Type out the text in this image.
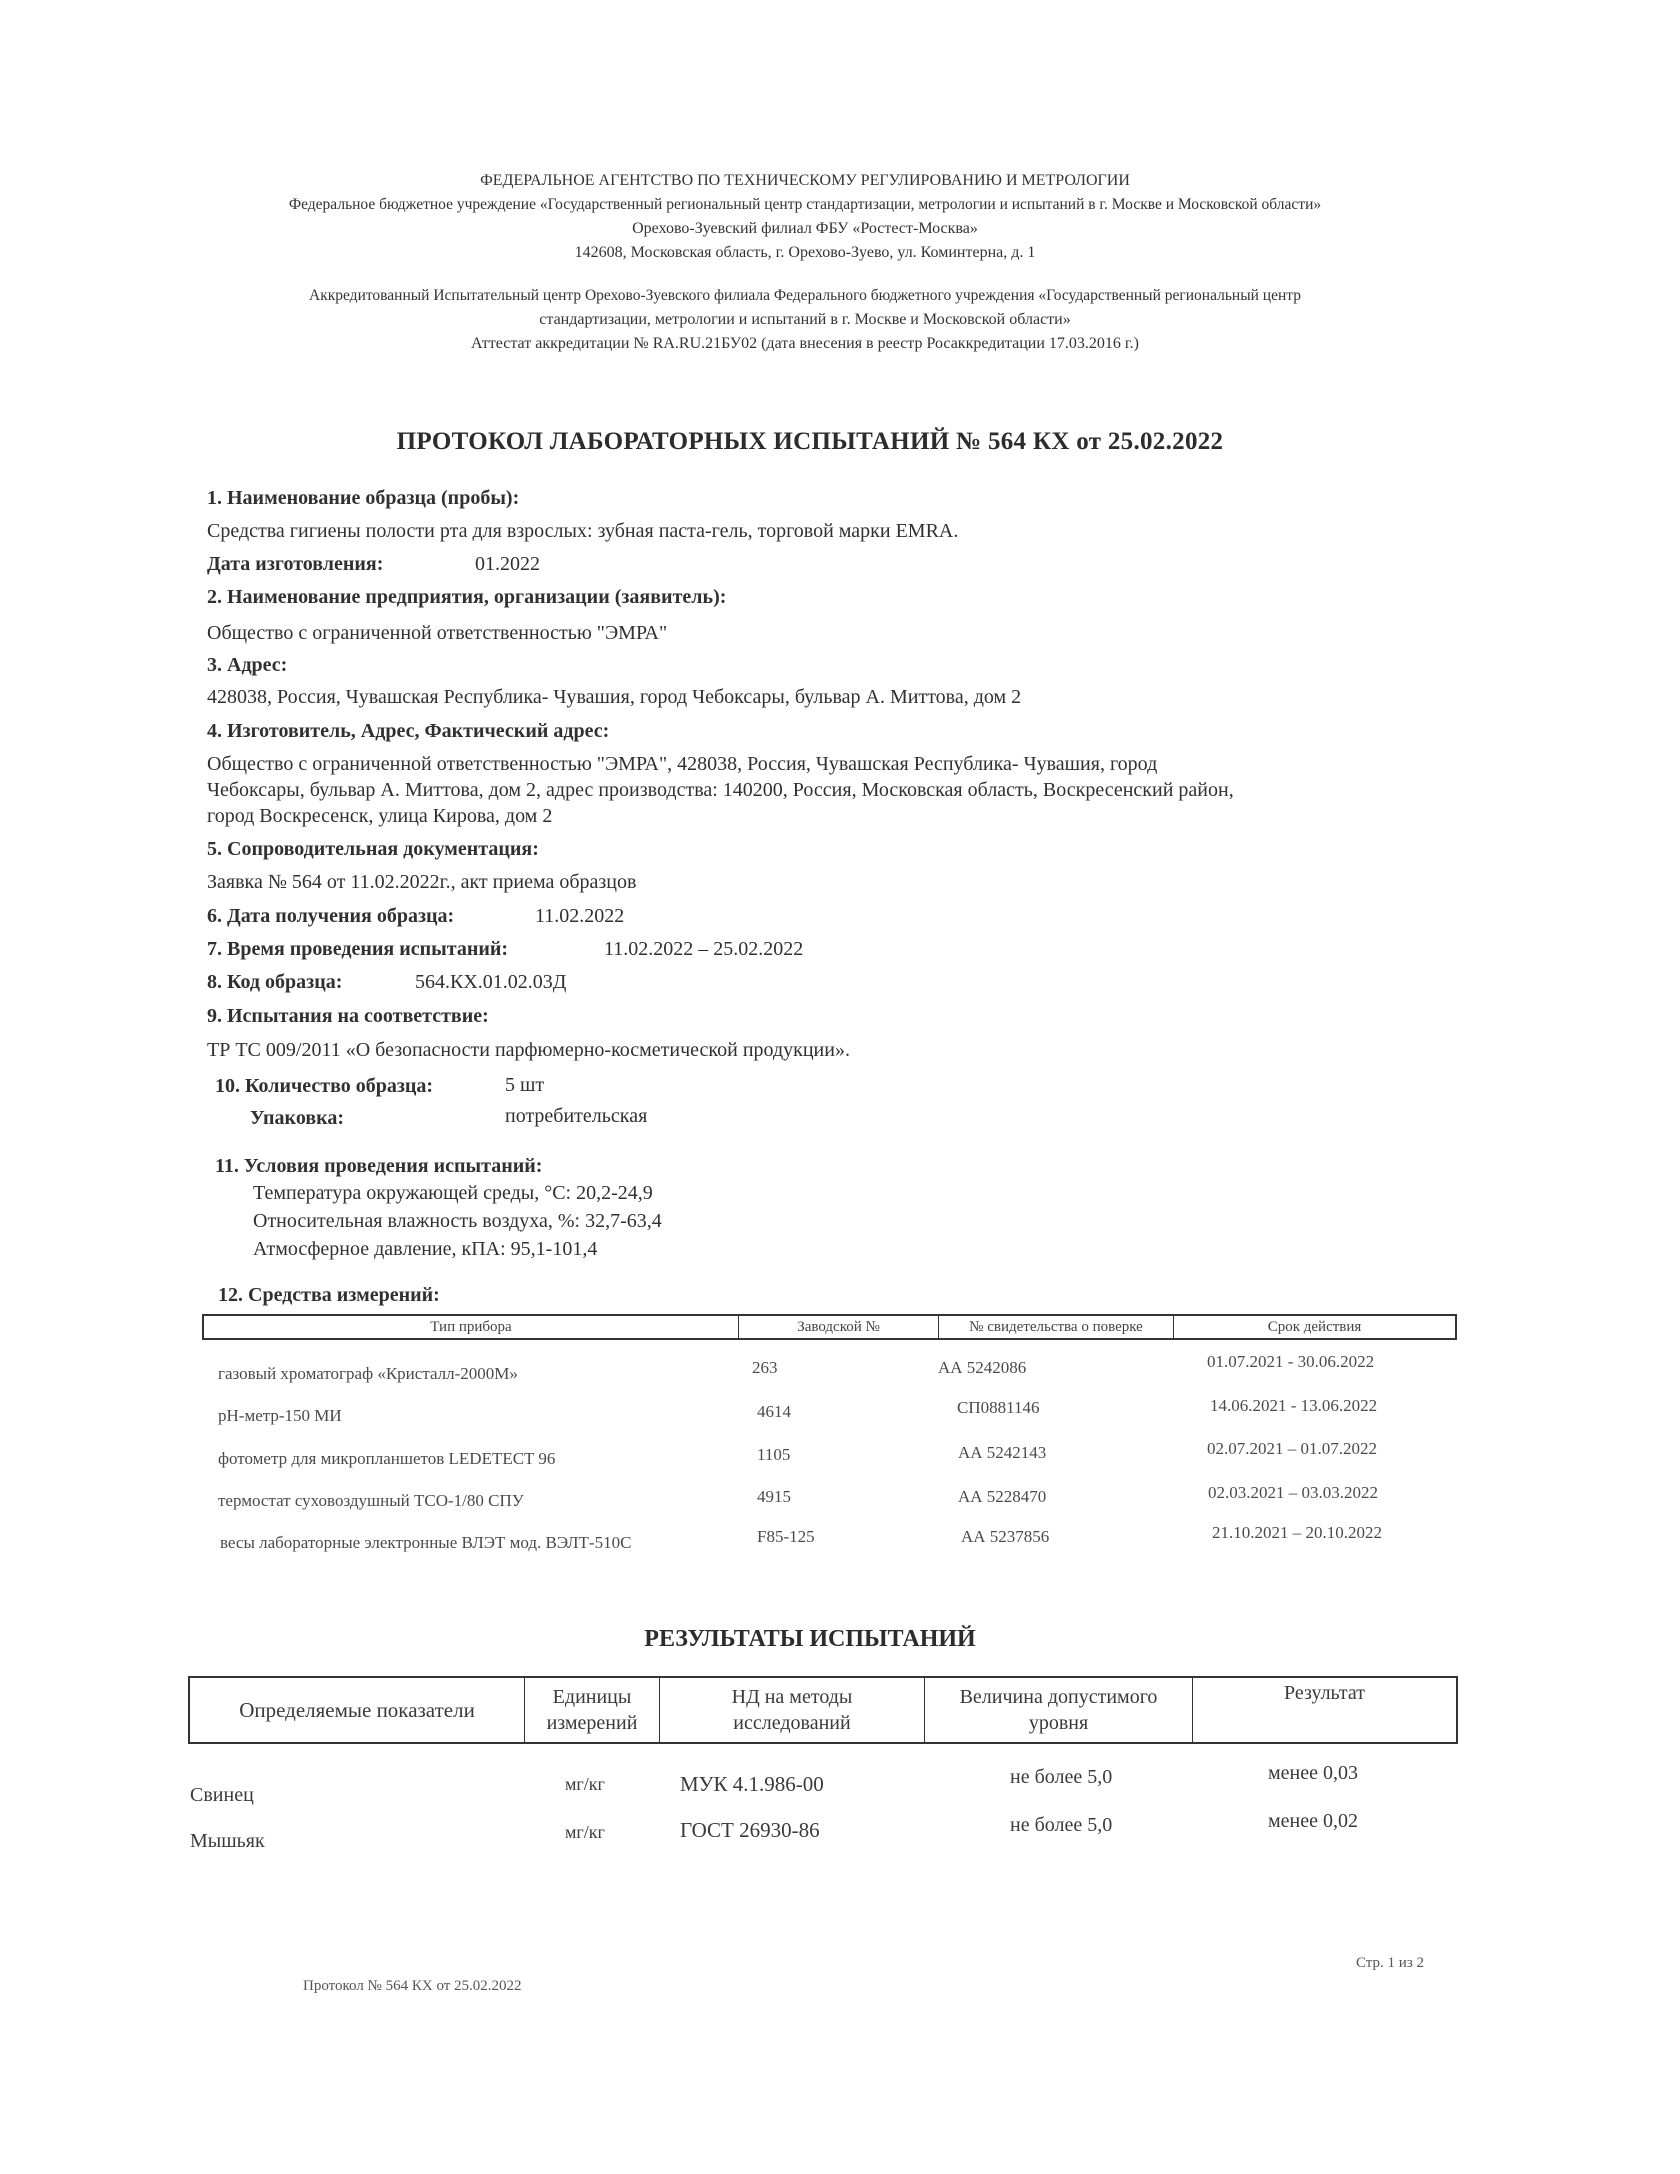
ФЕДЕРАЛЬНОЕ АГЕНТСТВО ПО ТЕХНИЧЕСКОМУ РЕГУЛИРОВАНИЮ И МЕТРОЛОГИИ
Федеральное бюджетное учреждение «Государственный региональный центр стандартизации, метрологии и испытаний в г. Москве и Московской области»
Орехово-Зуевский филиал ФБУ «Ростест-Москва»
142608, Московская область, г. Орехово-Зуево, ул. Коминтерна, д. 1
Аккредитованный Испытательный центр Орехово-Зуевского филиала Федерального бюджетного учреждения «Государственный региональный центр
стандартизации, метрологии и испытаний в г. Москве и Московской области»
Аттестат аккредитации № RA.RU.21БУ02 (дата внесения в реестр Росаккредитации 17.03.2016 г.)
ПРОТОКОЛ ЛАБОРАТОРНЫХ ИСПЫТАНИЙ № 564 КХ от 25.02.2022
1. Наименование образца (пробы):
Средства гигиены полости рта для взрослых: зубная паста-гель, торговой марки EMRA.
Дата изготовления:	01.2022
2. Наименование предприятия, организации (заявитель):
Общество с ограниченной ответственностью "ЭМРА"
3. Адрес:
428038, Россия, Чувашская Республика- Чувашия, город Чебоксары, бульвар А. Миттова, дом 2
4. Изготовитель, Адрес, Фактический адрес:
Общество с ограниченной ответственностью "ЭМРА", 428038, Россия, Чувашская Республика- Чувашия, город
Чебоксары, бульвар А. Миттова, дом 2, адрес производства: 140200, Россия, Московская область, Воскресенский район,
город Воскресенск, улица Кирова, дом 2
5. Сопроводительная документация:
Заявка № 564 от 11.02.2022г., акт приема образцов
6. Дата получения образца:	11.02.2022
7. Время проведения испытаний:	11.02.2022 – 25.02.2022
8. Код образца:	564.КХ.01.02.03Д
9. Испытания на соответствие:
ТР ТС 009/2011 «О безопасности парфюмерно-косметической продукции».
10. Количество образца:	5 шт
Упаковка:	потребительская
11. Условия проведения испытаний:
Температура окружающей среды, °С: 20,2-24,9
Относительная влажность воздуха, %: 32,7-63,4
Атмосферное давление, кПА: 95,1-101,4
12. Средства измерений:
Тип прибора	Заводской №	№ свидетельства о поверке	Срок действия
газовый хроматограф «Кристалл-2000М»	263	АА 5242086	01.07.2021 - 30.06.2022
pH-метр-150 МИ	4614	СП0881146	14.06.2021 - 13.06.2022
фотометр для микропланшетов LEDETECT 96	1105	АА 5242143	02.07.2021 – 01.07.2022
термостат суховоздушный ТСО-1/80 СПУ	4915	АА 5228470	02.03.2021 – 03.03.2022
весы лабораторные электронные ВЛЭТ мод. ВЭЛТ-510С	F85-125	АА 5237856	21.10.2021 – 20.10.2022
РЕЗУЛЬТАТЫ ИСПЫТАНИЙ
Определяемые показатели
Единицы
измерений
НД на методы
исследований
Величина допустимого
уровня
Результат
Свинец	мг/кг	МУК 4.1.986-00	не более 5,0	менее 0,03
Мышьяк	мг/кг	ГОСТ 26930-86	не более 5,0	менее 0,02
Протокол № 564 КХ от 25.02.2022
Стр. 1 из 2
